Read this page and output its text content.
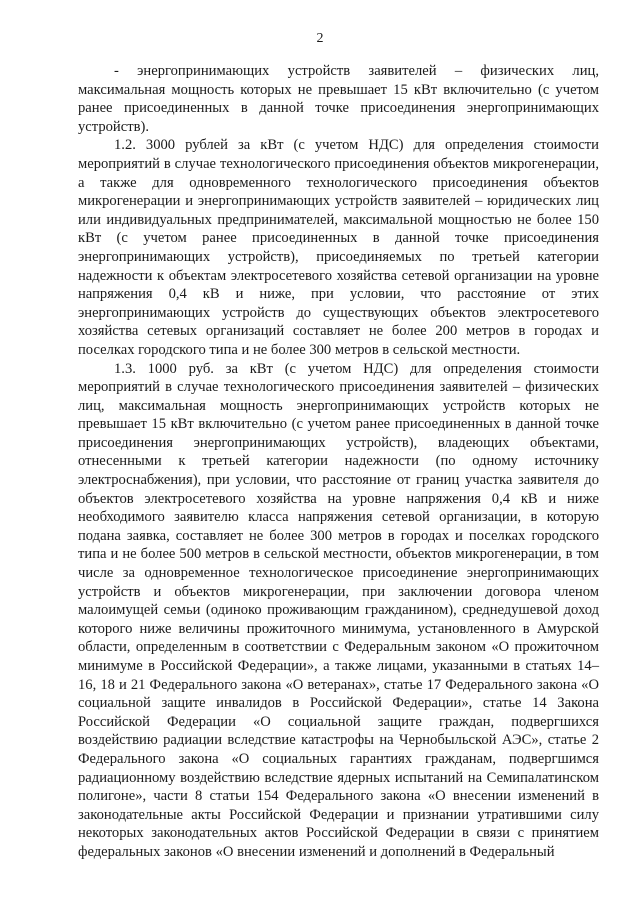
2

- энергопринимающих устройств заявителей – физических лиц, максимальная мощность которых не превышает 15 кВт включительно (с учетом ранее присоединенных в данной точке присоединения энергопринимающих устройств).

1.2. 3000 рублей за кВт (с учетом НДС) для определения стоимости мероприятий в случае технологического присоединения объектов микрогенерации, а также для одновременного технологического присоединения объектов микрогенерации и энергопринимающих устройств заявителей – юридических лиц или индивидуальных предпринимателей, максимальной мощностью не более 150 кВт (с учетом ранее присоединенных в данной точке присоединения энергопринимающих устройств), присоединяемых по третьей категории надежности к объектам электросетевого хозяйства сетевой организации на уровне напряжения 0,4 кВ и ниже, при условии, что расстояние от этих энергопринимающих устройств до существующих объектов электросетевого хозяйства сетевых организаций составляет не более 200 метров в городах и поселках городского типа и не более 300 метров в сельской местности.

1.3. 1000 руб. за кВт (с учетом НДС) для определения стоимости мероприятий в случае технологического присоединения заявителей – физических лиц, максимальная мощность энергопринимающих устройств которых не превышает 15 кВт включительно (с учетом ранее присоединенных в данной точке присоединения энергопринимающих устройств), владеющих объектами, отнесенными к третьей категории надежности (по одному источнику электроснабжения), при условии, что расстояние от границ участка заявителя до объектов электросетевого хозяйства на уровне напряжения 0,4 кВ и ниже необходимого заявителю класса напряжения сетевой организации, в которую подана заявка, составляет не более 300 метров в городах и поселках городского типа и не более 500 метров в сельской местности, объектов микрогенерации, в том числе за одновременное технологическое присоединение энергопринимающих устройств и объектов микрогенерации, при заключении договора членом малоимущей семьи (одиноко проживающим гражданином), среднедушевой доход которого ниже величины прожиточного минимума, установленного в Амурской области, определенным в соответствии с Федеральным законом «О прожиточном минимуме в Российской Федерации», а также лицами, указанными в статьях 14–16, 18 и 21 Федерального закона «О ветеранах», статье 17 Федерального закона «О социальной защите инвалидов в Российской Федерации», статье 14 Закона Российской Федерации «О социальной защите граждан, подвергшихся воздействию радиации вследствие катастрофы на Чернобыльской АЭС», статье 2 Федерального закона «О социальных гарантиях гражданам, подвергшимся радиационному воздействию вследствие ядерных испытаний на Семипалатинском полигоне», части 8 статьи 154 Федерального закона «О внесении изменений в законодательные акты Российской Федерации и признании утратившими силу некоторых законодательных актов Российской Федерации в связи с принятием федеральных законов «О внесении изменений и дополнений в Федеральный
